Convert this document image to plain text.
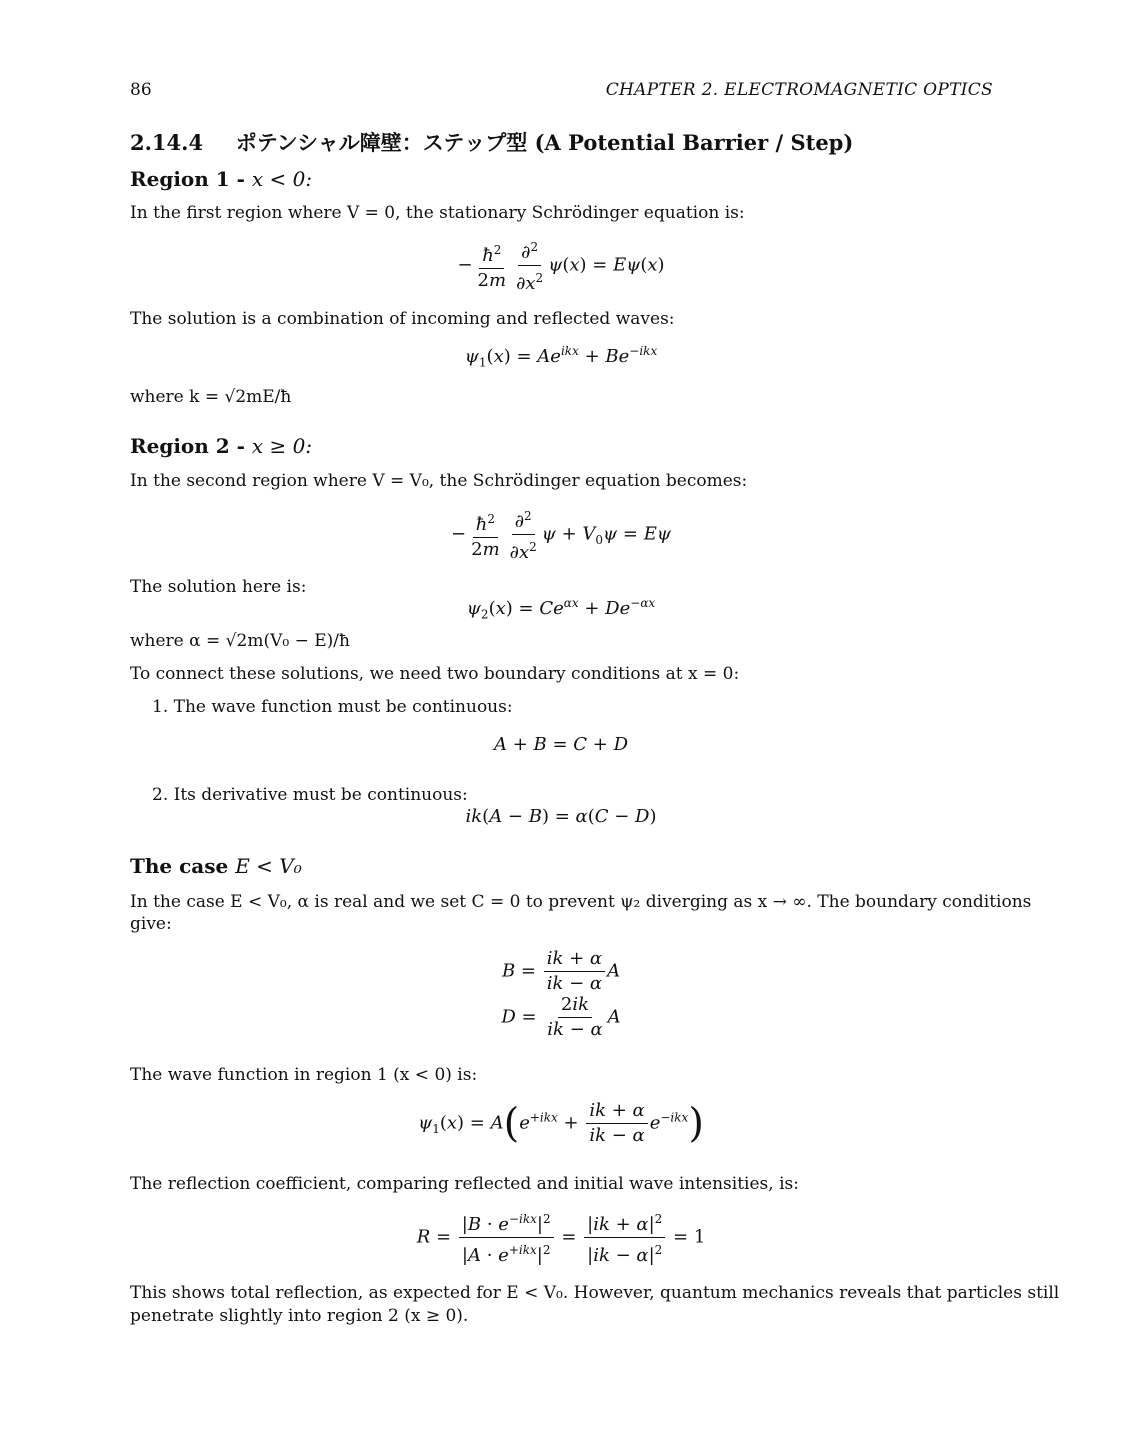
86	CHAPTER 2. ELECTROMAGNETIC OPTICS
2.14.4 ポテンシャル障壁：ステップ型 (A Potential Barrier / Step)
Region 1 - x < 0:
In the first region where V = 0, the stationary Schrödinger equation is:
− $\frac{ħ^2}{2m} \frac{\partial^2}{\partial x^2} \psi(x) = E\psi(x)$
The solution is a combination of incoming and reflected waves:
$\psi_1(x) = Ae^{ikx} + Be^{-ikx}$
where k = √2mE/ħ
Region 2 - x ≥ 0:
In the second region where V = V₀, the Schrödinger equation becomes:
− $\frac{ħ^2}{2m} \frac{\partial^2}{\partial x^2}$ $\psi + V_0\psi = E\psi$
The solution here is:
$\psi_2(x) = Ce^{\alpha x} + De^{-\alpha x}$
where α = √2m(V₀ − E)/ħ
To connect these solutions, we need two boundary conditions at x = 0:
1. The wave function must be continuous:
A + B = C + D
2. Its derivative must be continuous:
ik(A − B) = α(C − D)
The case E < V₀
In the case E < V₀, α is real and we set C = 0 to prevent ψ₂ diverging as x → ∞. The boundary conditions
give:
$B = \frac{ik + \alpha}{ik - \alpha}$ A
$D = \frac{2ik}{ik - \alpha}$ A
The wave function in region 1 (x < 0) is:
$\psi_1(x) = A(e^{+ikx} + \frac{ik + \alpha}{ik - \alpha} e^{-ikx})$
The reflection coefficient, comparing reflected and initial wave intensities, is:
$R = \frac{|B \cdot e^{-ikx}|^2}{|A \cdot e^{+ikx}|^2} = \frac{|ik + \alpha|^2}{|ik - \alpha|^2} = 1$
This shows total reflection, as expected for E < V₀. However, quantum mechanics reveals that particles still
penetrate slightly into region 2 (x ≥ 0).
